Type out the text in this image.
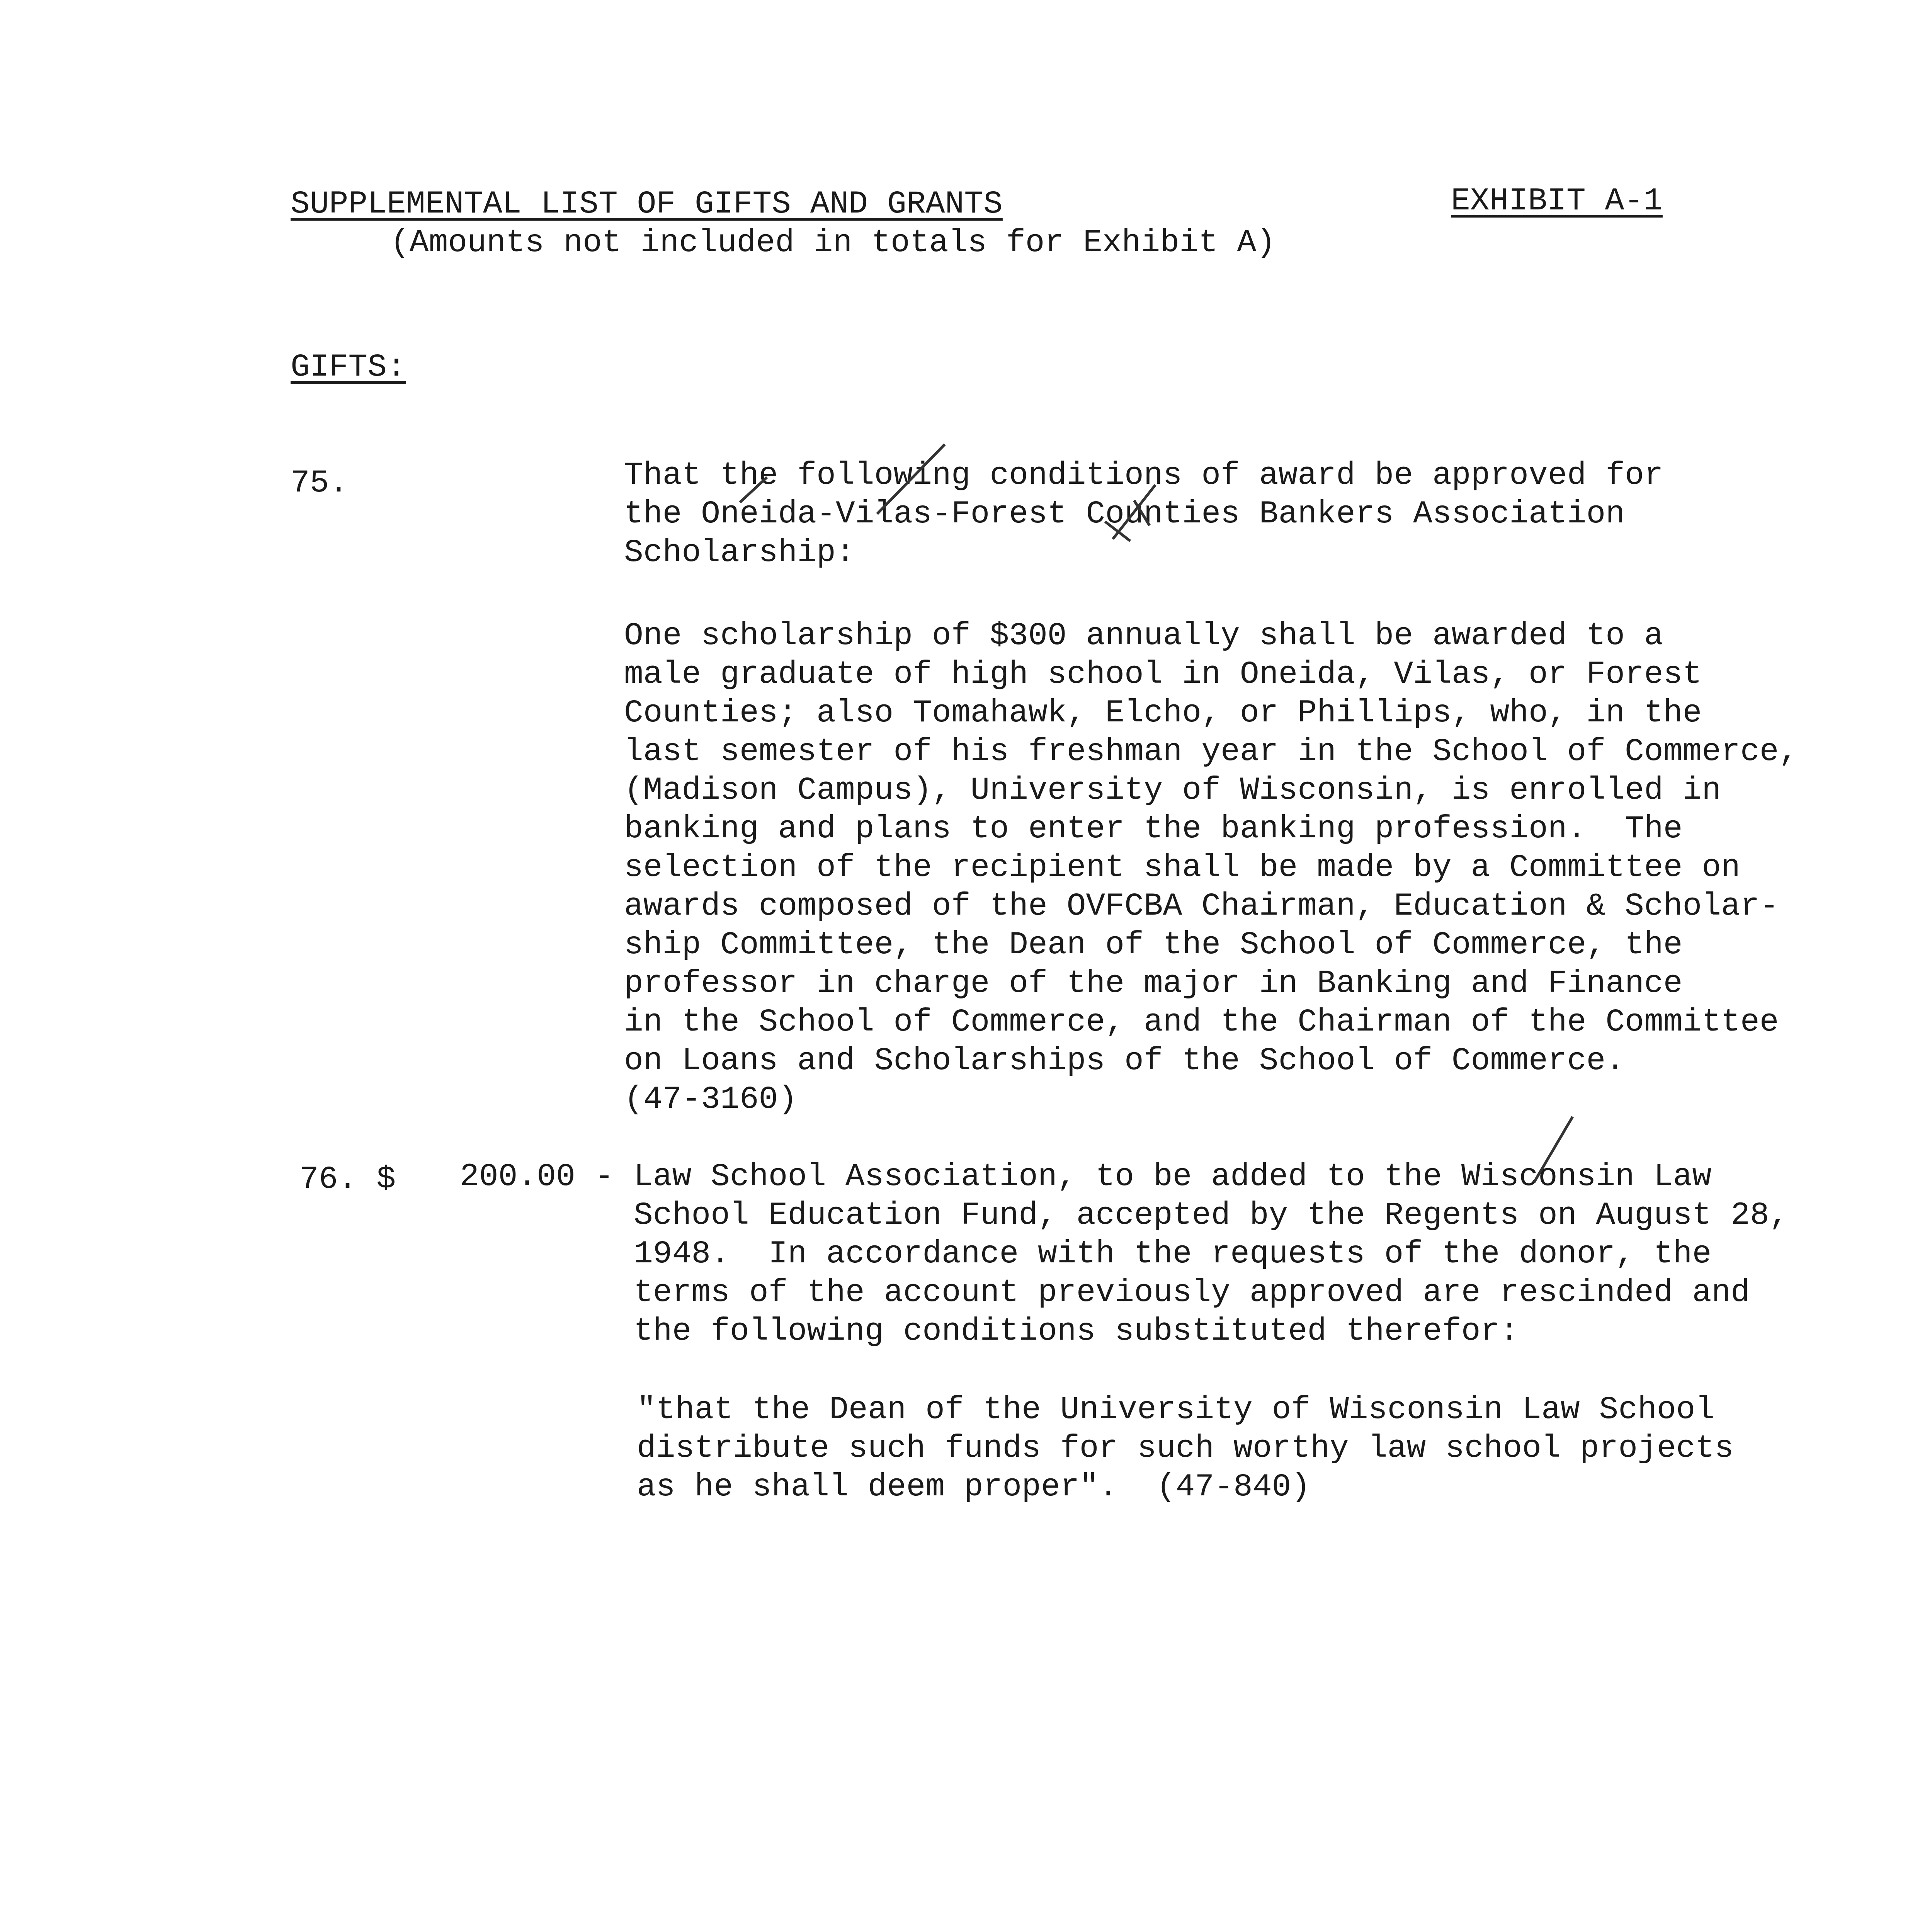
SUPPLEMENTAL LIST OF GIFTS AND GRANTS
(Amounts not included in totals for Exhibit A)
EXHIBIT A-1
GIFTS:
75.	That the following conditions of award be approved for
the Oneida-Vilas-Forest Counties Bankers Association
Scholarship:
One scholarship of $300 annually shall be awarded to a
male graduate of high school in Oneida, Vilas, or Forest
Counties; also Tomahawk, Elcho, or Phillips, who, in the
last semester of his freshman year in the School of Commerce,
(Madison Campus), University of Wisconsin, is enrolled in
banking and plans to enter the banking profession.  The
selection of the recipient shall be made by a Committee on
awards composed of the OVFCBA Chairman, Education & Scholar-
ship Committee, the Dean of the School of Commerce, the
professor in charge of the major in Banking and Finance
in the School of Commerce, and the Chairman of the Committee
on Loans and Scholarships of the School of Commerce.
(47-3160)
76. $ 200.00 - Law School Association, to be added to the Wisconsin Law
School Education Fund, accepted by the Regents on August 28,
1948.  In accordance with the requests of the donor, the
terms of the account previously approved are rescinded and
the following conditions substituted therefor:
"that the Dean of the University of Wisconsin Law School
distribute such funds for such worthy law school projects
as he shall deem proper".  (47-840)
